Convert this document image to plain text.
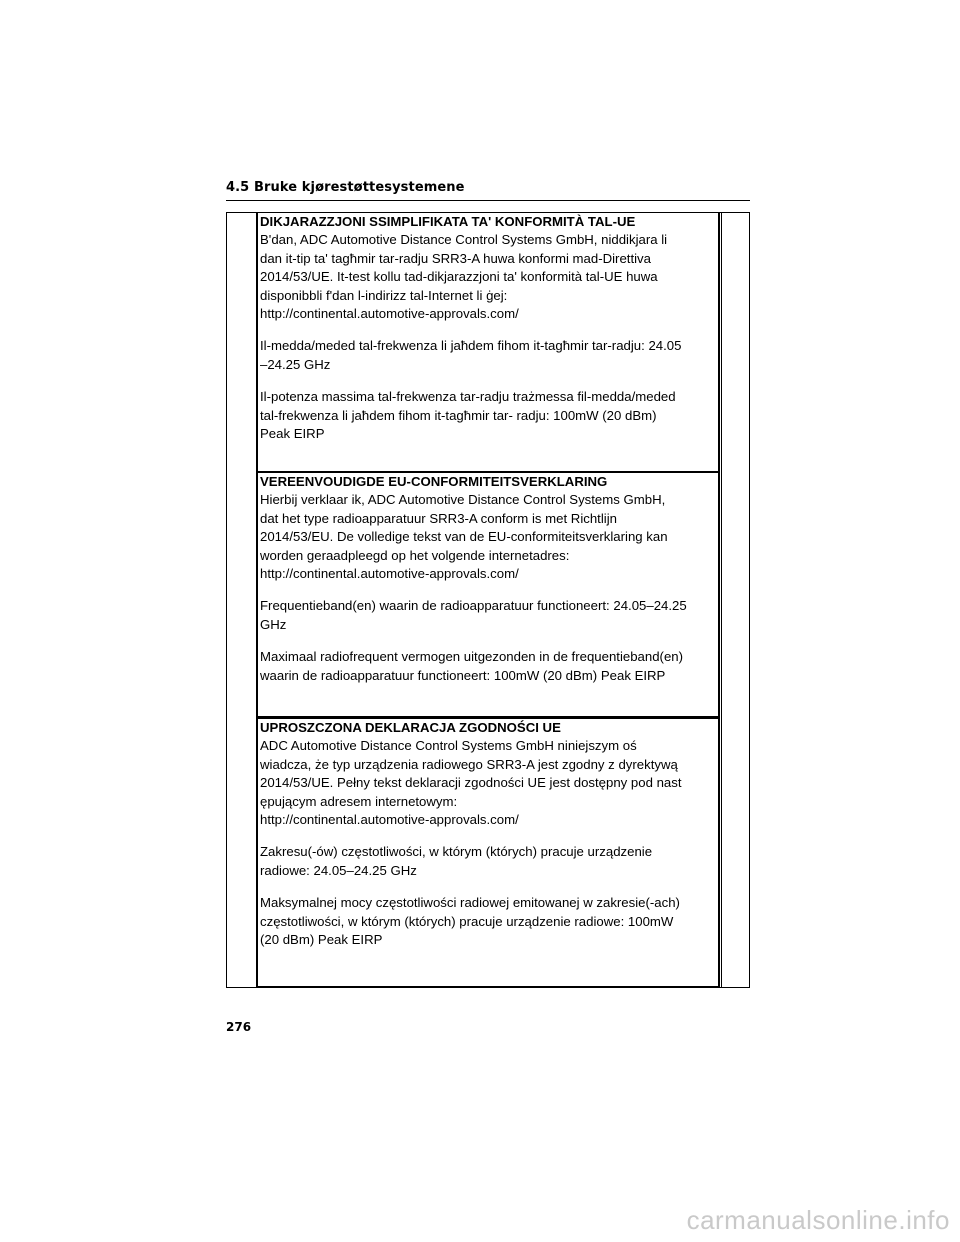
4.5 Bruke kjørestøttesystemene

DIKJARAZZJONI SSIMPLIFIKATA TA' KONFORMITÀ TAL-UE

B'dan, ADC Automotive Distance Control Systems GmbH, niddikjara li
dan it-tip ta' tagħmir tar-radju SRR3-A huwa konformi mad-Direttiva
2014/53/UE. It-test kollu tad-dikjarazzjoni ta' konformità tal-UE huwa
disponibbli f'dan l-indirizz tal-Internet li ġej:
http://continental.automotive-approvals.com/

Il-medda/meded tal-frekwenza li jaħdem fihom it-tagħmir tar-radju: 24.05
–24.25 GHz

Il-potenza massima tal-frekwenza tar-radju trażmessa fil-medda/meded
tal-frekwenza li jaħdem fihom it-tagħmir tar- radju: 100mW (20 dBm)
Peak EIRP

VEREENVOUDIGDE EU-CONFORMITEITSVERKLARING

Hierbij verklaar ik, ADC Automotive Distance Control Systems GmbH,
dat het type radioapparatuur SRR3-A conform is met Richtlijn
2014/53/EU. De volledige tekst van de EU-conformiteitsverklaring kan
worden geraadpleegd op het volgende internetadres:
http://continental.automotive-approvals.com/

Frequentieband(en) waarin de radioapparatuur functioneert: 24.05–24.25
GHz

Maximaal radiofrequent vermogen uitgezonden in de frequentieband(en)
waarin de radioapparatuur functioneert: 100mW (20 dBm) Peak EIRP

UPROSZCZONA DEKLARACJA ZGODNOŚCI UE

ADC Automotive Distance Control Systems GmbH niniejszym oś
wiadcza, że typ urządzenia radiowego SRR3-A jest zgodny z dyrektywą
2014/53/UE. Pełny tekst deklaracji zgodności UE jest dostępny pod nast
ępującym adresem internetowym:
http://continental.automotive-approvals.com/

Zakresu(-ów) częstotliwości, w którym (których) pracuje urządzenie
radiowe: 24.05–24.25 GHz

Maksymalnej mocy częstotliwości radiowej emitowanej w zakresie(-ach)
częstotliwości, w którym (których) pracuje urządzenie radiowe: 100mW
(20 dBm) Peak EIRP

276
carmanualsonline.info
